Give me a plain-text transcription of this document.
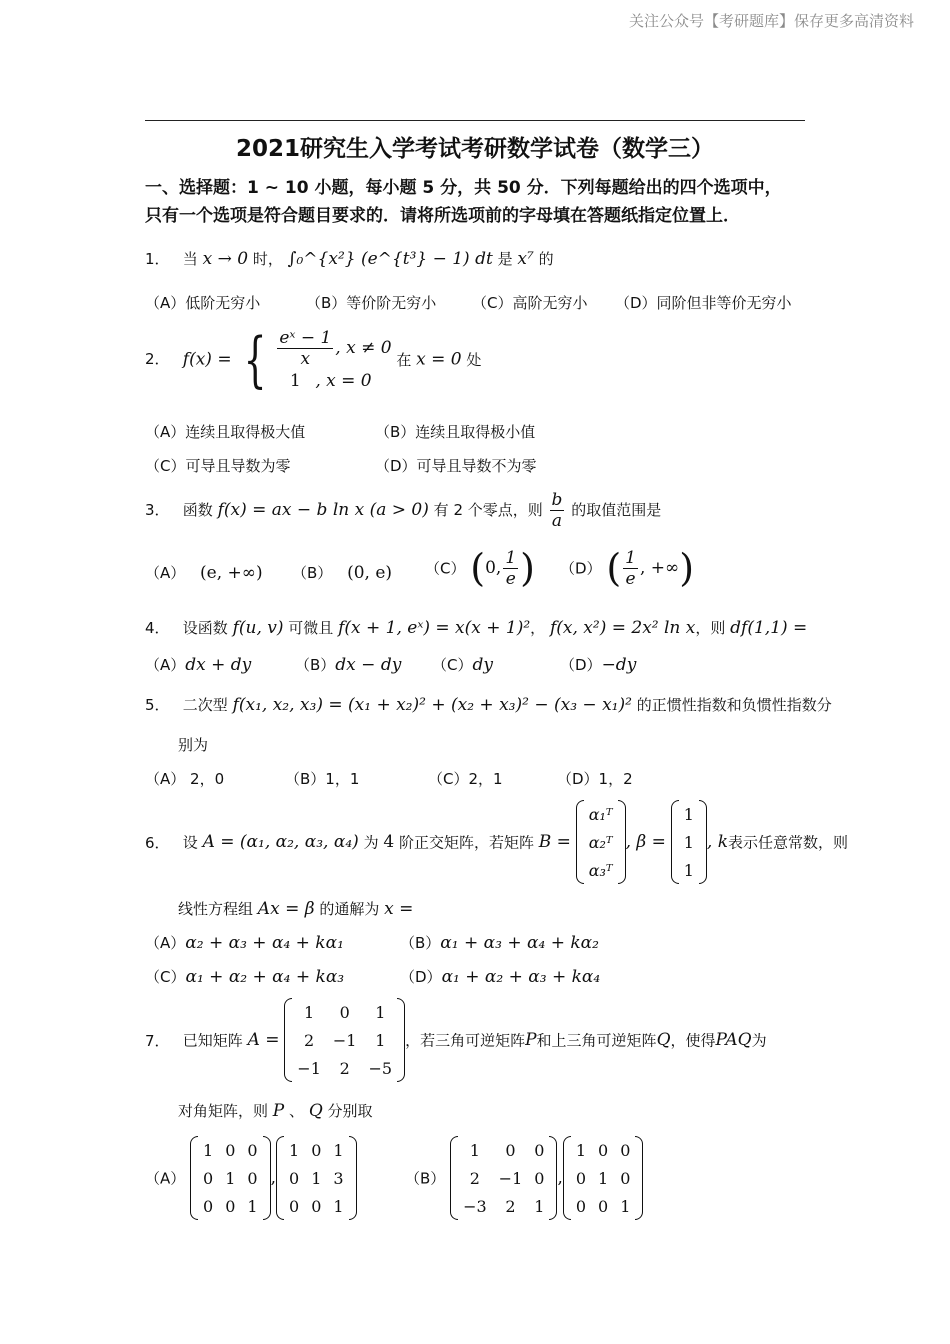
关注公众号【考研题库】保存更多高清资料
2021研究生入学考试考研数学试卷（数学三）
一、选择题：1 ~ 10 小题，每小题 5 分，共 50 分．下列每题给出的四个选项中，
只有一个选项是符合题目要求的．请将所选项前的字母填在答题纸指定位置上．
1． 当 x → 0 时， ∫₀^{x²} (e^{t³} − 1) dt 是 x⁷ 的
（A）低阶无穷小	（B）等价阶无穷小 （C）高阶无穷小 （D）同阶但非等价无穷小
2． f(x) = { $\frac{\text{eˣ − 1}}{x}$ , x ≠ 0
1 , x = 0
在 x = 0 处
（A）连续且取得极大值	（B）连续且取得极小值
（C）可导且导数为零	（D）可导且导数不为零
3． 函数 f(x) = ax − b ln x (a > 0) 有 2 个零点，则 $\frac{b}{a}$ 的取值范围是
（A） (e, +∞) （B） (0, e) （C） (0, $\frac{1}{e}$ ) （D） ( $\frac{1}{e}$ , +∞)
4． 设函数 f(u, v) 可微且 f(x + 1, eˣ) = x(x + 1)²， f(x, x²) = 2x² ln x，则 df(1,1) =
（A）dx + dy	（B）dx − dy （C）dy	（D）−dy
5． 二次型 f(x₁, x₂, x₃) = (x₁ + x₂)² + (x₂ + x₃)² − (x₃ − x₁)² 的正惯性指数和负惯性指数分
别为
（A） 2，0	（B）1，1	（C）2，1	（D）1，2
6． 设 A = (α₁, α₂, α₃, α₄) 为 4 阶正交矩阵，若矩阵 B =
α₁ᵀ
α₂ᵀ
α₃ᵀ
, β =
1
1
1
, k表示任意常数，则
线性方程组 Ax = β 的通解为 x =
（A）α₂ + α₃ + α₄ + kα₁	（B）α₁ + α₃ + α₄ + kα₂
（C）α₁ + α₂ + α₄ + kα₃	（D）α₁ + α₂ + α₃ + kα₄
7． 已知矩阵 A =
1	0	1
2	−1	1
−1	2	−5
，若三角可逆矩阵P和上三角可逆矩阵Q，使得PAQ为
对角矩阵，则 P 、 Q 分别取
（A）
1	0	0
0	1	0
0	0	1
,
1	0	1
0	1	3
0	0	1
（B）
1	0	0
2	−1	0
−3	2	1
,
1	0	0
0	1	0
0	0	1
